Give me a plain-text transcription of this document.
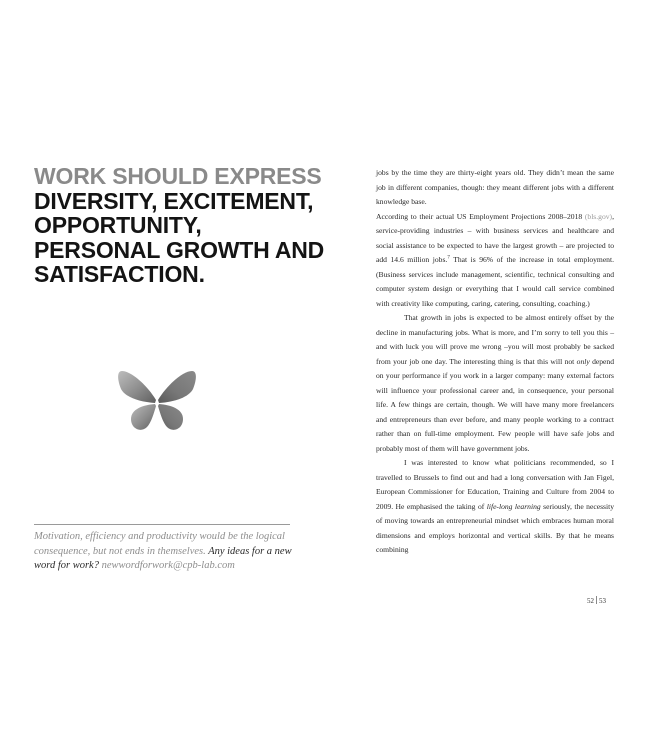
WORK SHOULD EXPRESS
DIVERSITY, EXCITEMENT,
OPPORTUNITY,
PERSONAL GROWTH AND
SATISFACTION.

Motivation, efficiency and productivity would be the logical consequence, but not ends in themselves. Any ideas for a new word for work? newwordforwork@cpb-lab.com

jobs by the time they are thirty-eight years old. They didn’t mean the same job in different companies, though: they meant different jobs with a different knowledge base.

According to their actual US Employment Projections 2008–2018 (bls.gov), service-providing industries – with business services and healthcare and social assistance to be expected to have the largest growth – are projected to add 14.6 million jobs.$^7$ That is 96% of the increase in total employment. (Business services include management, scientific, technical consulting and computer system design or everything that I would call service combined with creativity like computing, caring, catering, consulting, coaching.)

That growth in jobs is expected to be almost entirely offset by the decline in manufacturing jobs. What is more, and I’m sorry to tell you this – and with luck you will prove me wrong –you will most probably be sacked from your job one day. The interesting thing is that this will not only depend on your performance if you work in a larger company: many external factors will influence your professional career and, in consequence, your personal life. A few things are certain, though. We will have many more freelancers and entrepreneurs than ever before, and many people working to a contract rather than on full-time employment. Few people will have safe jobs and probably most of them will have government jobs.

I was interested to know what politicians recommended, so I travelled to Brussels to find out and had a long conversation with Jan Figel, European Commissioner for Education, Training and Culture from 2004 to 2009. He emphasised the taking of life-long learning seriously, the necessity of moving towards an entrepreneurial mindset which embraces human moral dimensions and employs horizontal and vertical skills. By that he means combining

52 53
